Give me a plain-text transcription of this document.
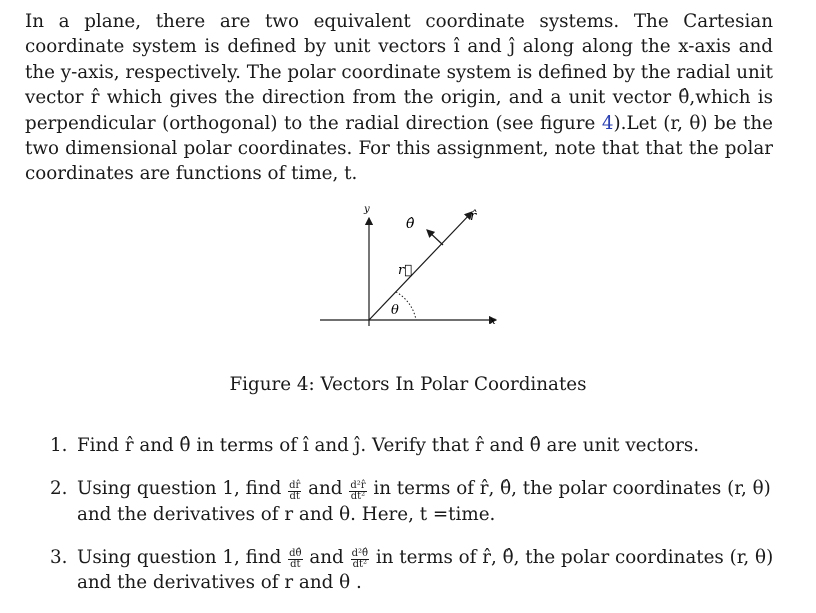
In a plane, there are two equivalent coordinate systems. The Cartesian coordinate system is defined by unit vectors î and ĵ along along the x-axis and the y-axis, respectively. The polar coordinate system is defined by the radial unit vector r̂ which gives the direction from the origin, and a unit vector θ̂,which is perpendicular (orthogonal) to the radial direction (see figure 4).Let (r, θ) be the two dimensional polar coordinates. For this assignment, note that that the polar coordinates are functions of time, t.

y
x
θ̂	r̂
r⃗
θ
Figure 4: Vectors In Polar Coordinates
1. Find r̂ and θ̂ in terms of î and ĵ. Verify that r̂ and θ̂ are unit vectors.
2. Using question 1, find $\frac{dr̂}{dt}$ and $\frac{\text{d²r̂}}{\text{dt²}}$ in terms of r̂, θ̂, the polar coordinates (r, θ) and the derivatives of r and θ. Here, t =time.
3. Using question 1, find $\frac{d\thetâ}{dt}$ and $\frac{\text{d²θ̂}}{\text{dt²}}$ in terms of r̂, θ̂, the polar coordinates (r, θ) and the derivatives of r and θ .
